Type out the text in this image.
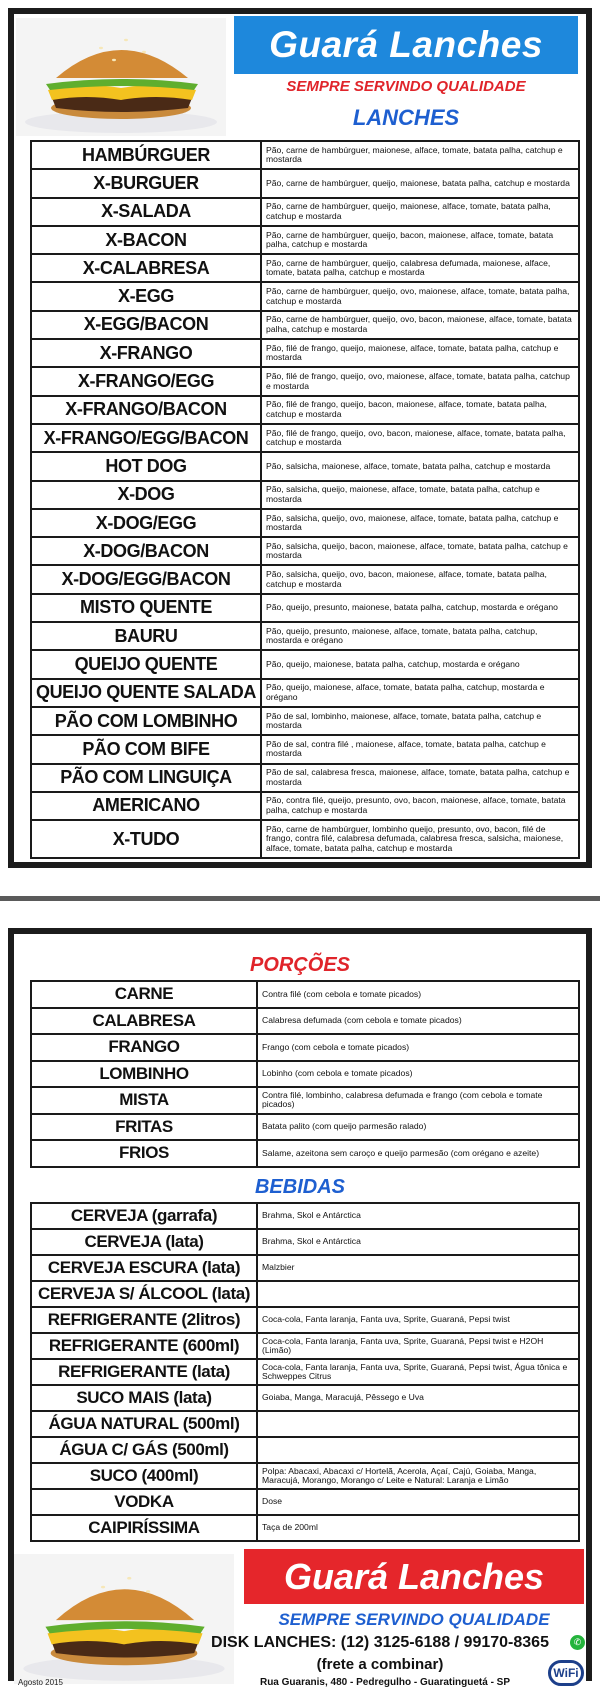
Guará Lanches
SEMPRE SERVINDO QUALIDADE
LANCHES
HAMBÚRGUER	Pão, carne de hambúrguer, maionese, alface, tomate, batata palha, catchup e mostarda
X-BURGUER	Pão, carne de hambúrguer, queijo, maionese, batata palha, catchup e mostarda
X-SALADA	Pão, carne de hambúrguer, queijo, maionese, alface, tomate, batata palha, catchup e mostarda
X-BACON	Pão, carne de hambúrguer, queijo, bacon, maionese, alface, tomate, batata palha, catchup e mostarda
X-CALABRESA	Pão, carne de hambúrguer, queijo, calabresa defumada, maionese, alface, tomate, batata palha, catchup e mostarda
X-EGG	Pão, carne de hambúrguer, queijo, ovo, maionese, alface, tomate, batata palha, catchup e mostarda
X-EGG/BACON	Pão, carne de hambúrguer, queijo, ovo, bacon, maionese, alface, tomate, batata palha, catchup e mostarda
X-FRANGO	Pão, filé de frango, queijo, maionese, alface, tomate, batata palha, catchup e mostarda
X-FRANGO/EGG	Pão, filé de frango, queijo, ovo, maionese, alface, tomate, batata palha, catchup e mostarda
X-FRANGO/BACON	Pão, filé de frango, queijo, bacon, maionese, alface, tomate, batata palha, catchup e mostarda
X-FRANGO/EGG/BACON	Pão, filé de frango, queijo, ovo, bacon, maionese, alface, tomate, batata palha, catchup e mostarda
HOT DOG	Pão, salsicha, maionese, alface, tomate, batata palha, catchup e mostarda
X-DOG	Pão, salsicha, queijo, maionese, alface, tomate, batata palha, catchup e mostarda
X-DOG/EGG	Pão, salsicha, queijo, ovo, maionese, alface, tomate, batata palha, catchup e mostarda
X-DOG/BACON	Pão, salsicha, queijo, bacon, maionese, alface, tomate, batata palha, catchup e mostarda
X-DOG/EGG/BACON	Pão, salsicha, queijo, ovo, bacon, maionese, alface, tomate, batata palha, catchup e mostarda
MISTO QUENTE	Pão, queijo, presunto, maionese, batata palha, catchup, mostarda e orégano
BAURU	Pão, queijo, presunto, maionese, alface, tomate, batata palha, catchup, mostarda e orégano
QUEIJO QUENTE	Pão, queijo, maionese, batata palha, catchup, mostarda e orégano
QUEIJO QUENTE SALADA	Pão, queijo, maionese, alface, tomate, batata palha, catchup, mostarda e orégano
PÃO COM LOMBINHO	Pão de sal, lombinho, maionese, alface, tomate, batata palha, catchup e mostarda
PÃO COM BIFE	Pão de sal, contra filé , maionese, alface, tomate, batata palha, catchup e mostarda
PÃO COM LINGUIÇA	Pão de sal, calabresa fresca, maionese, alface, tomate, batata palha, catchup e mostarda
AMERICANO	Pão, contra filé, queijo, presunto, ovo, bacon, maionese, alface, tomate, batata palha, catchup e mostarda
X-TUDO	Pão, carne de hambúrguer, lombinho queijo, presunto, ovo, bacon, filé de frango, contra filé, calabresa defumada, calabresa fresca, salsicha, maionese, alface, tomate, batata palha, catchup e mostarda
PORÇÕES
CARNE	Contra filé (com cebola e tomate picados)
CALABRESA	Calabresa defumada (com cebola e tomate picados)
FRANGO	Frango (com cebola e tomate picados)
LOMBINHO	Lobinho (com cebola e tomate picados)
MISTA	Contra filé, lombinho, calabresa defumada e frango (com cebola e tomate picados)
FRITAS	Batata palito (com queijo parmesão ralado)
FRIOS	Salame, azeitona sem caroço e queijo parmesão (com orégano e azeite)
BEBIDAS
CERVEJA (garrafa)	Brahma, Skol e Antárctica
CERVEJA (lata)	Brahma, Skol e Antárctica
CERVEJA ESCURA (lata)	Malzbier
CERVEJA S/ ÁLCOOL (lata)	
REFRIGERANTE (2litros)	Coca-cola, Fanta laranja, Fanta uva, Sprite, Guaraná, Pepsi twist
REFRIGERANTE (600ml)	Coca-cola, Fanta laranja, Fanta uva, Sprite, Guaraná, Pepsi twist e H2OH (Limão)
REFRIGERANTE (lata)	Coca-cola, Fanta laranja, Fanta uva, Sprite, Guaraná, Pepsi twist, Água tônica e Schweppes Citrus
SUCO MAIS (lata)	Goiaba, Manga, Maracujá, Pêssego e Uva
ÁGUA NATURAL (500ml)	
ÁGUA C/ GÁS (500ml)	
SUCO (400ml)	Polpa: Abacaxi, Abacaxi c/ Hortelã, Acerola, Açaí, Cajú, Goiaba, Manga, Maracujá, Morango, Morango c/ Leite e Natural: Laranja e Limão
VODKA	Dose
CAIPIRÍSSIMA	Taça de 200ml
Guará Lanches
SEMPRE SERVINDO QUALIDADE
DISK LANCHES: (12) 3125-6188 / 99170-8365	✆
(frete a combinar)
Rua Guaranis, 480 - Pedregulho - Guaratinguetá - SP
WiFi
Agosto 2015
